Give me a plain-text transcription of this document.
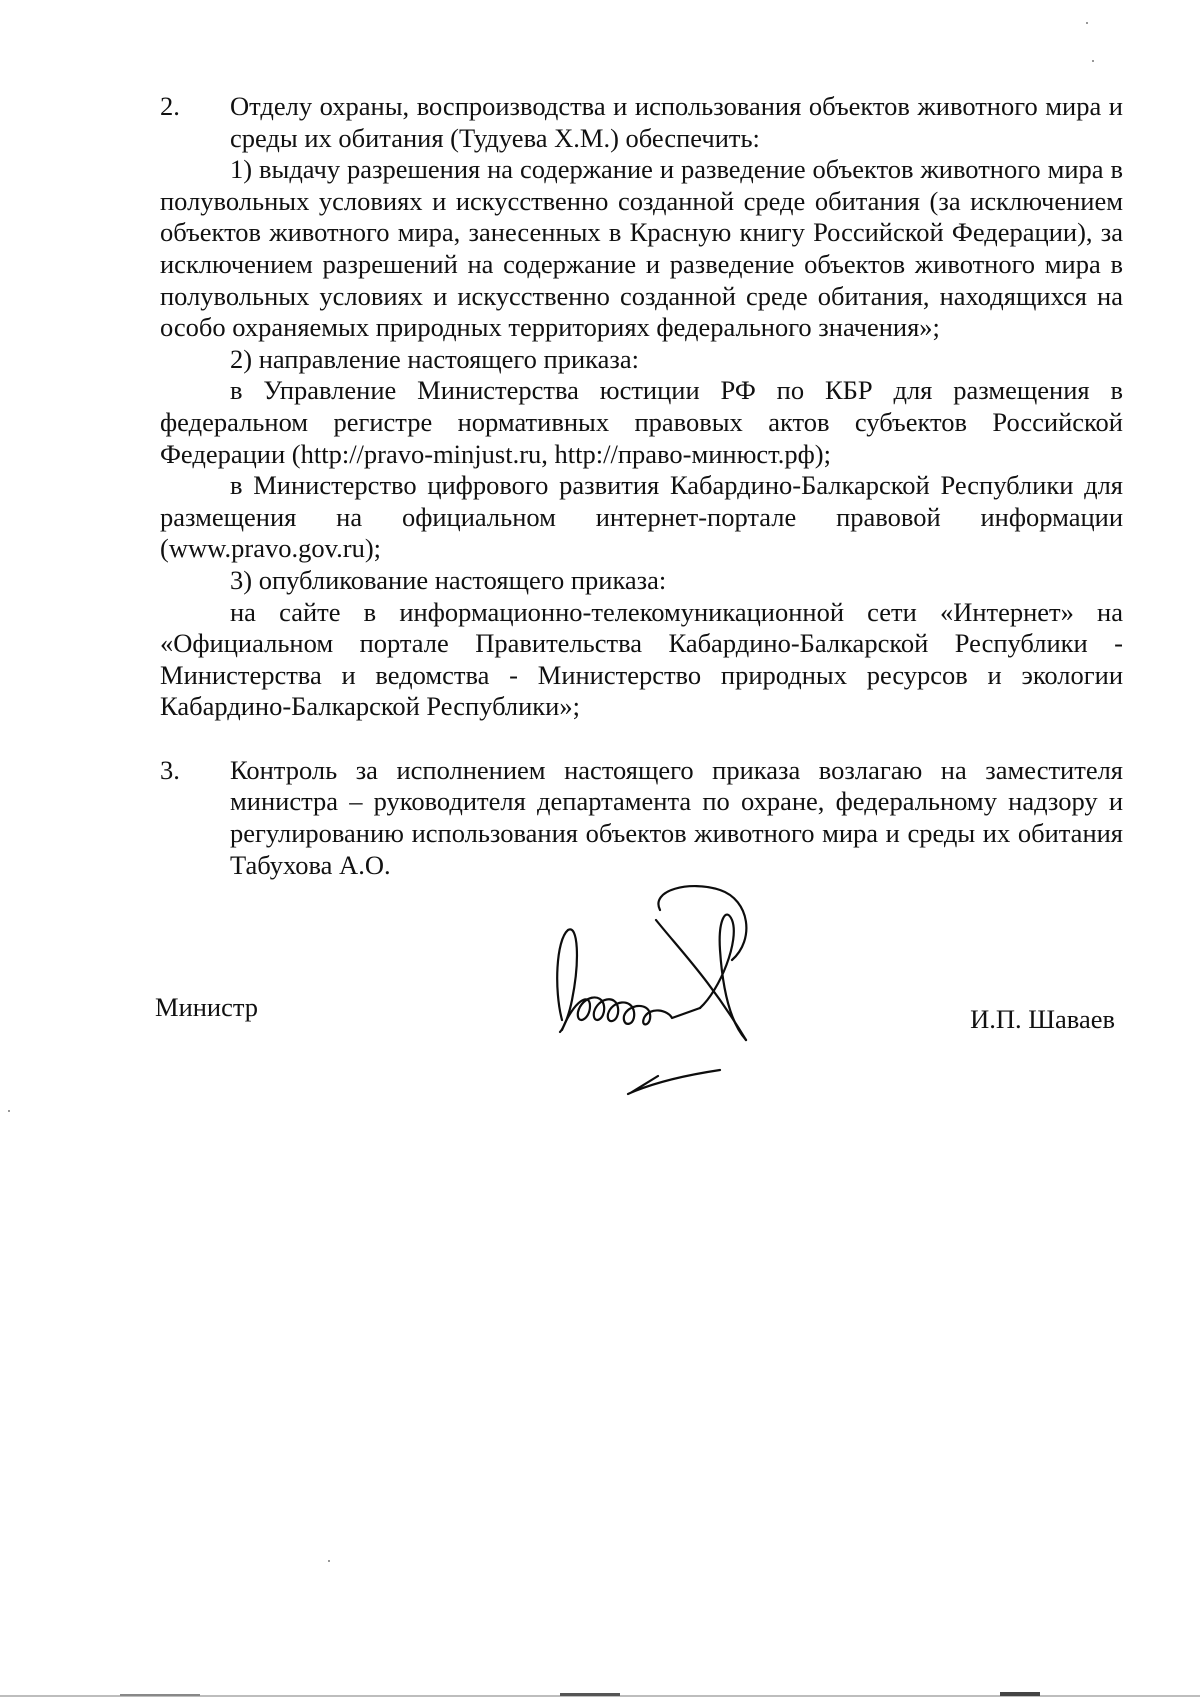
2.	Отделу охраны, воспроизводства и использования объектов животного мира и среды их обитания (Тудуева Х.М.) обеспечить:

1) выдачу разрешения на содержание и разведение объектов животного мира в полувольных условиях и искусственно созданной среде обитания (за исключением объектов животного мира, занесенных в Красную книгу Российской Федерации), за исключением разрешений на содержание и разведение объектов животного мира в полувольных условиях и искусственно созданной среде обитания, находящихся на особо охраняемых природных территориях федерального значения»;

2) направление настоящего приказа:

в Управление Министерства юстиции РФ по КБР для размещения в федеральном регистре нормативных правовых актов субъектов Российской Федерации (http://pravo-minjust.ru, http://право-минюст.рф);

в Министерство цифрового развития Кабардино-Балкарской Республики для размещения на официальном интернет-портале правовой информации (www.pravo.gov.ru);

3) опубликование настоящего приказа:

на сайте в информационно-телекомуникационной сети «Интернет» на «Официальном портале Правительства Кабардино-Балкарской Республики - Министерства и ведомства - Министерство природных ресурсов и экологии Кабардино-Балкарской Республики»;

3.	Контроль за исполнением настоящего приказа возлагаю на заместителя министра – руководителя департамента по охране, федеральному надзору и регулированию использования объектов животного мира и среды их обитания Табухова А.О.
Министр	И.П. Шаваев
